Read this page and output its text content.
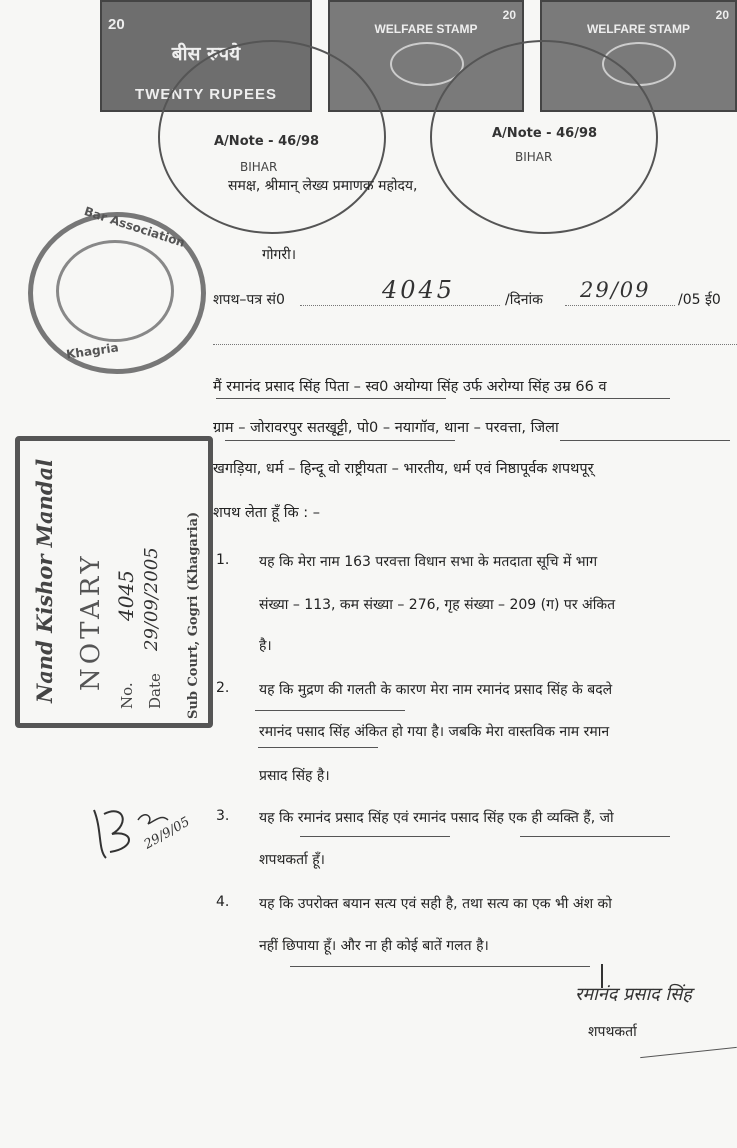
20
बीस रुपये
TWENTY RUPEES
20
WELFARE STAMP
20
WELFARE STAMP
A/Note - 46/98
BIHAR
A/Note - 46/98
BIHAR
Bar Association
Khagria
समक्ष, श्रीमान् लेख्य प्रमाणक महोदय,
गोगरी।
शपथ–पत्र सं0	4045	/दिनांक 29/09 /05 ई0
मैं रमानंद प्रसाद सिंह पिता – स्व0 अयोग्या सिंह उर्फ अरोग्या सिंह उम्र 66 व
ग्राम – जोरावरपुर सतखूट्टी, पो0 – नयागॉव, थाना – परवत्ता, जिला
खगड़िया, धर्म – हिन्दू वो राष्ट्रीयता – भारतीय, धर्म एवं निष्ठापूर्वक शपथपूर्
शपथ लेता हूँ कि : –
1. यह कि मेरा नाम 163 परवत्ता विधान सभा के मतदाता सूचि में भाग
संख्या – 113, कम संख्या – 276, गृह संख्या – 209 (ग) पर अंकित
है।
2. यह कि मुद्रण की गलती के कारण मेरा नाम रमानंद प्रसाद सिंह के बदले
रमानंद पसाद सिंह अंकित हो गया है। जबकि मेरा वास्तविक नाम रमान
प्रसाद सिंह है।
3. यह कि रमानंद प्रसाद सिंह एवं रमानंद पसाद सिंह एक ही व्यक्ति हैं, जो
शपथकर्ता हूँ।
4. यह कि उपरोक्त बयान सत्य एवं सही है, तथा सत्य का एक भी अंश को
नहीं छिपाया हूँ। और ना ही कोई बातें गलत है।
Nand Kishor Mandal NOTARY
No.
4045
Date
29/09/2005 Sub Court, Gogri (Khagaria)
29/9/05
रमानंद प्रसाद सिंह
शपथकर्ता
